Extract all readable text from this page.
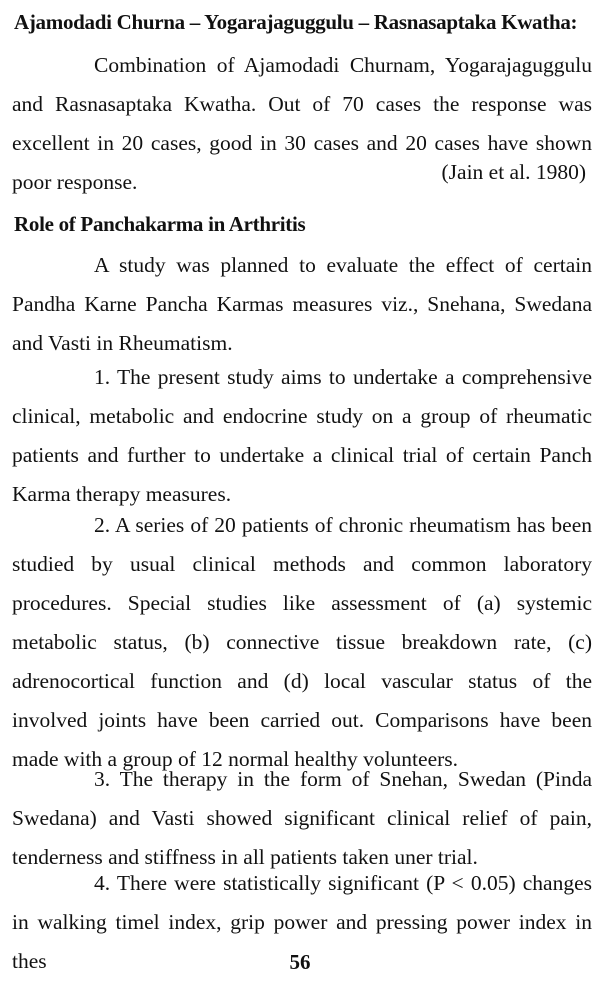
Ajamodadi Churna – Yogarajaguggulu – Rasnasaptaka Kwatha:

Combination of Ajamodadi Churnam, Yogarajaguggulu and Rasnasaptaka Kwatha. Out of 70 cases the response was excellent in 20 cases, good in 30 cases and 20 cases have shown poor response.	(Jain et al. 1980)
Role of Panchakarma in Arthritis

A study was planned to evaluate the effect of certain Pandha Karne Pancha Karmas measures viz., Snehana, Swedana and Vasti in Rheumatism.

1. The present study aims to undertake a comprehensive clinical, metabolic and endocrine study on a group of rheumatic patients and further to undertake a clinical trial of certain Panch Karma therapy measures.

2. A series of 20 patients of chronic rheumatism has been studied by usual clinical methods and common laboratory procedures. Special studies like assessment of (a) systemic metabolic status, (b) connective tissue breakdown rate, (c) adrenocortical function and (d) local vascular status of the involved joints have been carried out. Comparisons have been made with a group of 12 normal healthy volunteers.

3. The therapy in the form of Snehan, Swedan (Pinda Swedana) and Vasti showed significant clinical relief of pain, tenderness and stiffness in all patients taken uner trial.

4. There were statistically significant (P < 0.05) changes in walking timel index, grip power and pressing power index in thes	56
